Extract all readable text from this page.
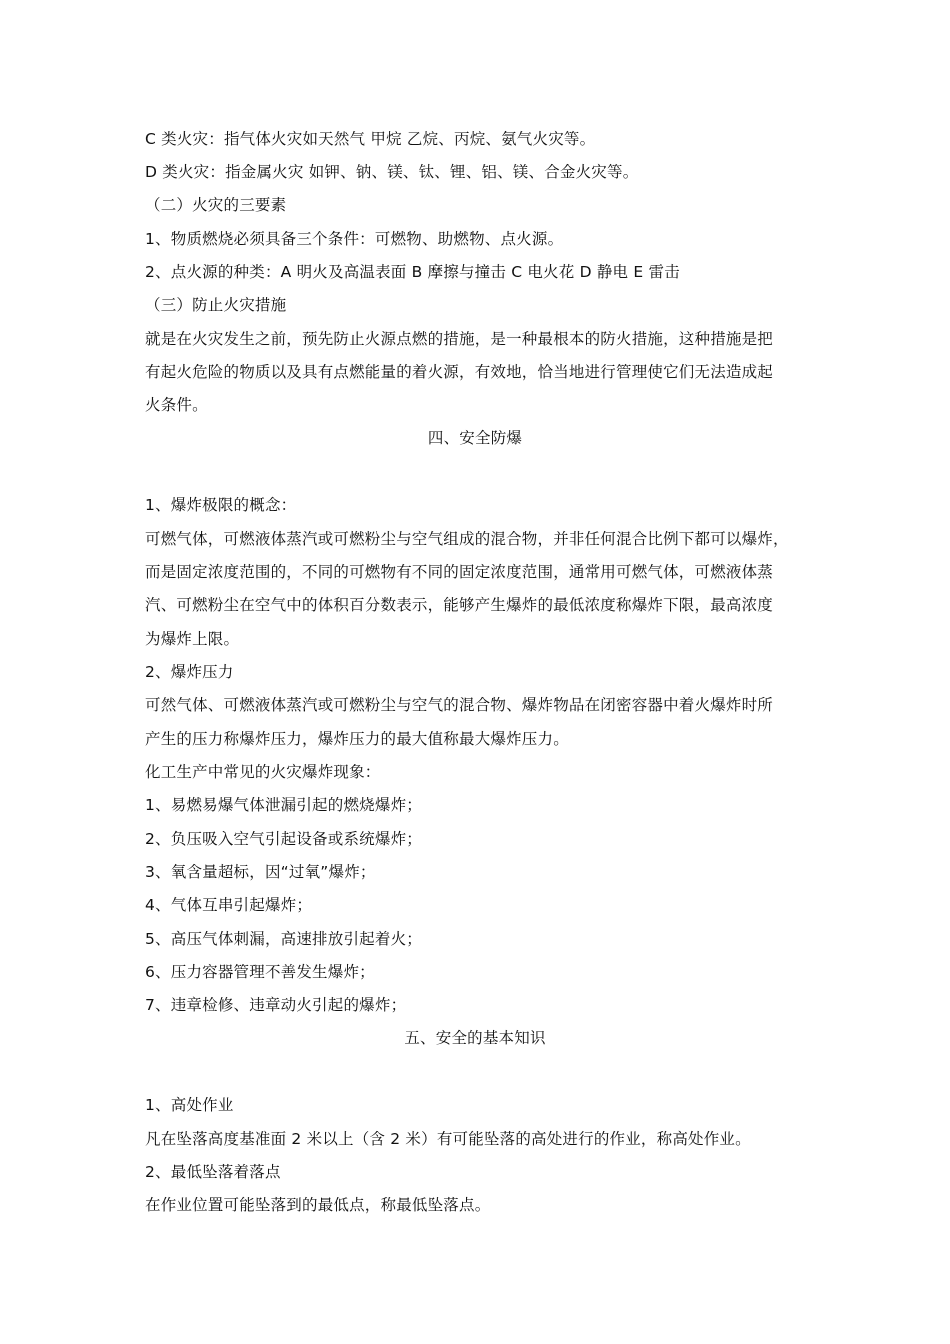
C 类火灾：指气体火灾如天然气 甲烷 乙烷、丙烷、氨气火灾等。
D 类火灾：指金属火灾 如钾、钠、镁、钛、锂、铝、镁、合金火灾等。
（二）火灾的三要素
1、物质燃烧必须具备三个条件：可燃物、助燃物、点火源。
2、点火源的种类：A 明火及高温表面 B 摩擦与撞击 C 电火花 D 静电 E 雷击
（三）防止火灾措施
就是在火灾发生之前，预先防止火源点燃的措施，是一种最根本的防火措施，这种措施是把
有起火危险的物质以及具有点燃能量的着火源，有效地，恰当地进行管理使它们无法造成起
火条件。
四、安全防爆
1、爆炸极限的概念：
可燃气体，可燃液体蒸汽或可燃粉尘与空气组成的混合物，并非任何混合比例下都可以爆炸，
而是固定浓度范围的，不同的可燃物有不同的固定浓度范围，通常用可燃气体，可燃液体蒸
汽、可燃粉尘在空气中的体积百分数表示，能够产生爆炸的最低浓度称爆炸下限，最高浓度
为爆炸上限。
2、爆炸压力
可然气体、可燃液体蒸汽或可燃粉尘与空气的混合物、爆炸物品在闭密容器中着火爆炸时所
产生的压力称爆炸压力，爆炸压力的最大值称最大爆炸压力。
化工生产中常见的火灾爆炸现象：
1、易燃易爆气体泄漏引起的燃烧爆炸；
2、负压吸入空气引起设备或系统爆炸；
3、氧含量超标，因“过氧”爆炸；
4、气体互串引起爆炸；
5、高压气体刺漏，高速排放引起着火；
6、压力容器管理不善发生爆炸；
7、违章检修、违章动火引起的爆炸；
五、安全的基本知识
1、高处作业
凡在坠落高度基准面 2 米以上（含 2 米）有可能坠落的高处进行的作业，称高处作业。
2、最低坠落着落点
在作业位置可能坠落到的最低点，称最低坠落点。
